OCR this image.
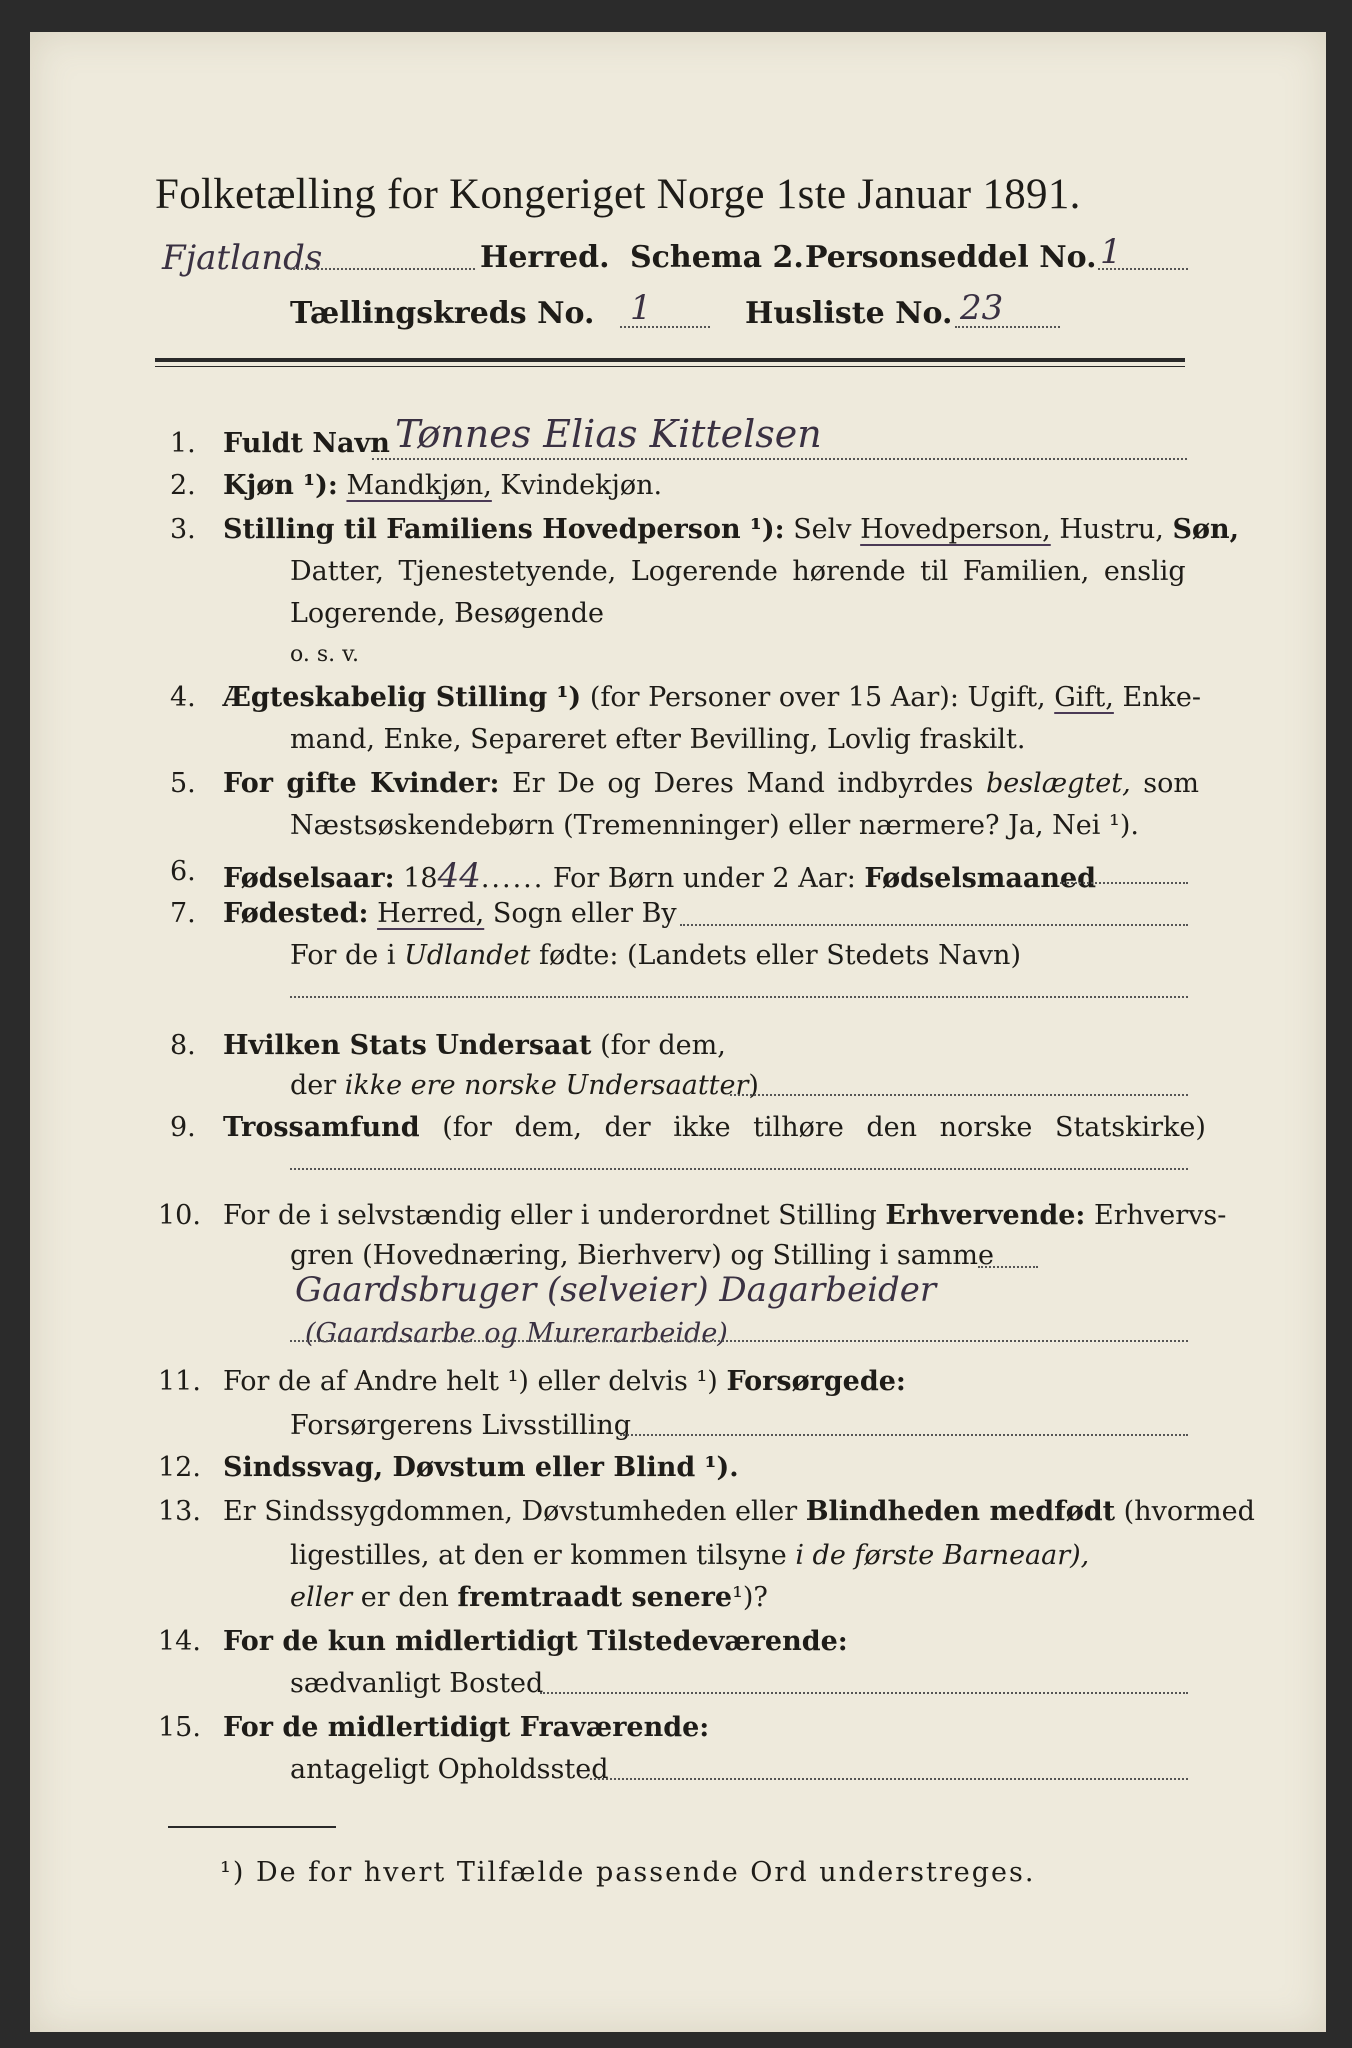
Folketælling for Kongeriget Norge 1ste Januar 1891.
Fjatlands	Herred. Schema 2. Personseddel No. 1
Tællingskreds No. 1	Husliste No. 23
1. Fuldt Navn Tønnes Elias Kittelsen
2. Kjøn ¹): Mandkjøn, Kvindekjøn.
3. Stilling til Familiens Hovedperson ¹): Selv Hovedperson, Hustru, Søn,
Datter, Tjenestetyende, Logerende hørende til Familien, enslig
Logerende, Besøgende
o. s. v.
4. Ægteskabelig Stilling ¹) (for Personer over 15 Aar): Ugift, Gift, Enke-
mand, Enke, Separeret efter Bevilling, Lovlig fraskilt.
5. For gifte Kvinder: Er De og Deres Mand indbyrdes beslægtet, som
Næstsøskendebørn (Tremenninger) eller nærmere? Ja, Nei ¹).
6. Fødselsaar: 1844...... For Børn under 2 Aar: Fødselsmaaned
7. Fødested: Herred, Sogn eller By
For de i Udlandet fødte: (Landets eller Stedets Navn)
8. Hvilken Stats Undersaat (for dem,
der ikke ere norske Undersaatter)
9. Trossamfund (for dem, der ikke tilhøre den norske Statskirke)
10. For de i selvstændig eller i underordnet Stilling Erhvervende: Erhvervs-
gren (Hovednæring, Bierhverv) og Stilling i samme
Gaardsbruger (selveier) Dagarbeider
(Gaardsarbe og Murerarbeide)
11. For de af Andre helt ¹) eller delvis ¹) Forsørgede:
Forsørgerens Livsstilling
12. Sindssvag, Døvstum eller Blind ¹).
13. Er Sindssygdommen, Døvstumheden eller Blindheden medfødt (hvormed
ligestilles, at den er kommen tilsyne i de første Barneaar),
eller er den fremtraadt senere¹)?
14. For de kun midlertidigt Tilstedeværende:
sædvanligt Bosted
15. For de midlertidigt Fraværende:
antageligt Opholdssted
¹) De for hvert Tilfælde passende Ord understreges.
